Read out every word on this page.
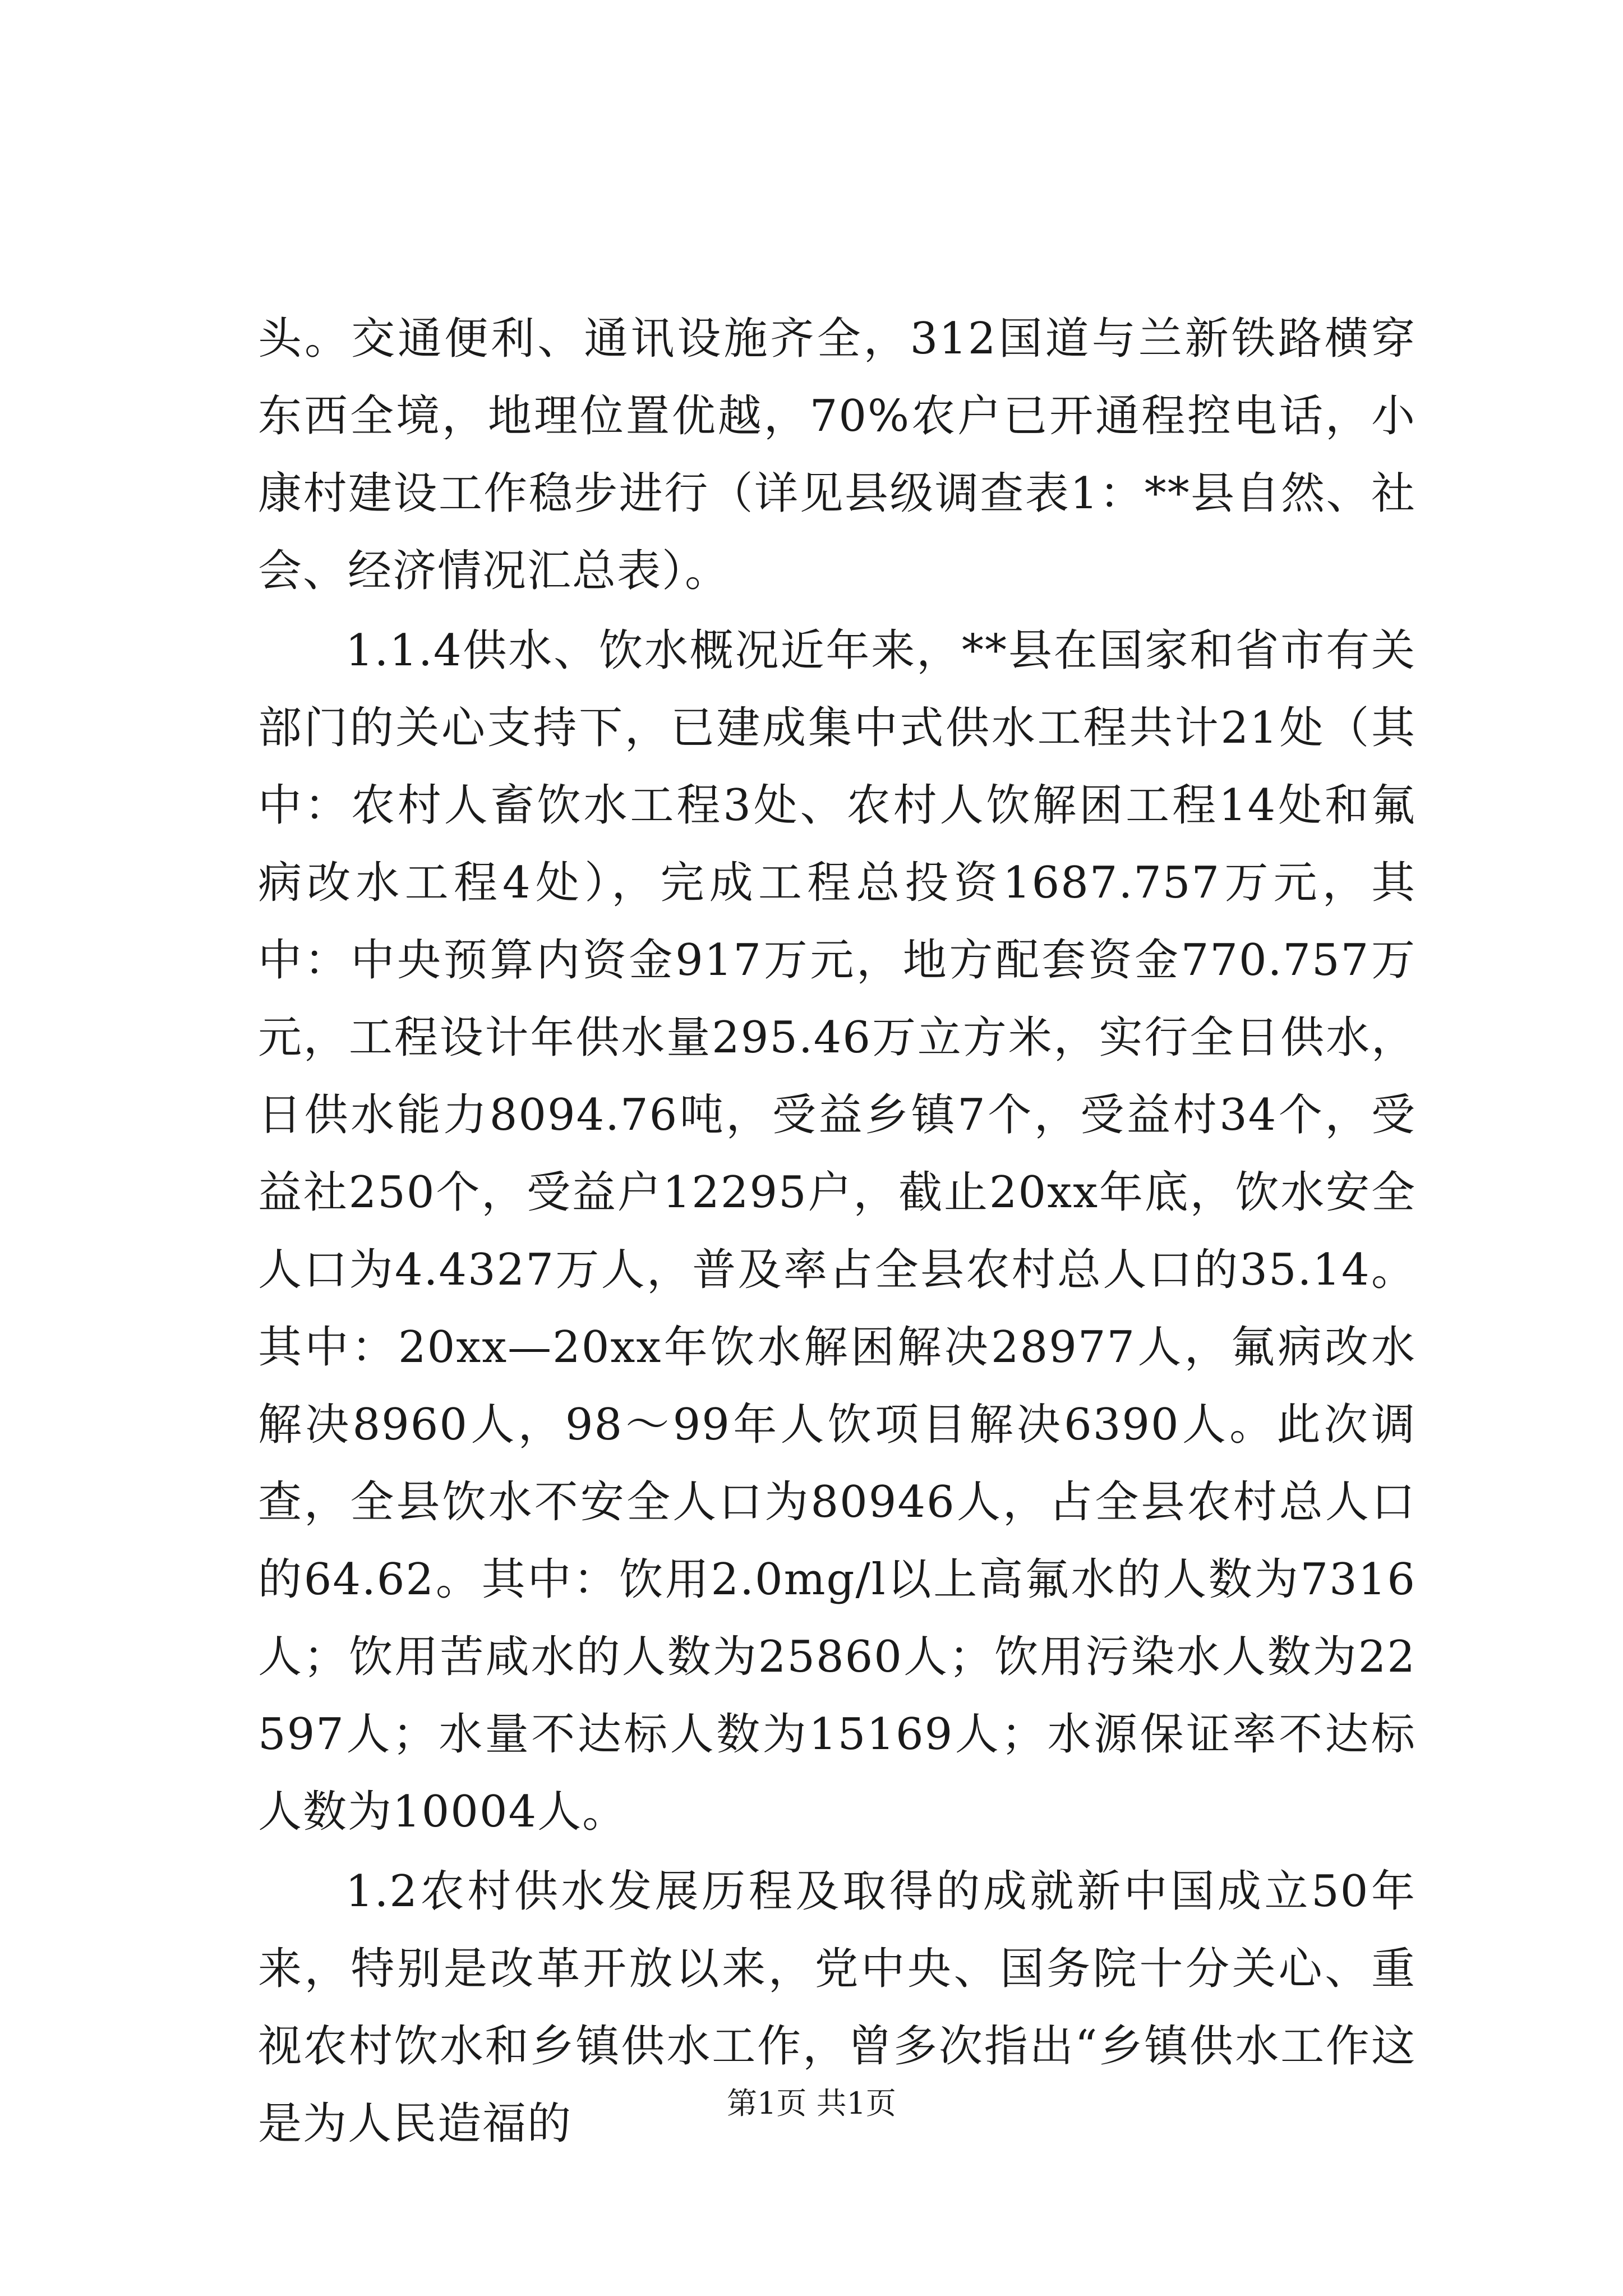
头。交通便利、通讯设施齐全，312国道与兰新铁路横穿东西全境，地理位置优越，70%农户已开通程控电话，小康村建设工作稳步进行（详见县级调查表1：**县自然、社会、经济情况汇总表）。

1.1.4供水、饮水概况近年来，**县在国家和省市有关部门的关心支持下，已建成集中式供水工程共计21处（其中：农村人畜饮水工程3处、农村人饮解困工程14处和氟病改水工程4处），完成工程总投资1687.757万元，其中：中央预算内资金917万元，地方配套资金770.757万元，工程设计年供水量295.46万立方米，实行全日供水，日供水能力8094.76吨，受益乡镇7个，受益村34个，受益社250个，受益户12295户，截止20xx年底，饮水安全人口为4.4327万人，普及率占全县农村总人口的35.14。其中：20xx—20xx年饮水解困解决28977人，氟病改水解决8960人，98～99年人饮项目解决6390人。此次调查，全县饮水不安全人口为80946人，占全县农村总人口的64.62。其中：饮用2.0mg/l以上高氟水的人数为7316人；饮用苦咸水的人数为25860人；饮用污染水人数为22597人；水量不达标人数为15169人；水源保证率不达标人数为10004人。

1.2农村供水发展历程及取得的成就新中国成立50年来，特别是改革开放以来，党中央、国务院十分关心、重视农村饮水和乡镇供水工作，曾多次指出“乡镇供水工作这是为人民造福的	第1页 共1页
